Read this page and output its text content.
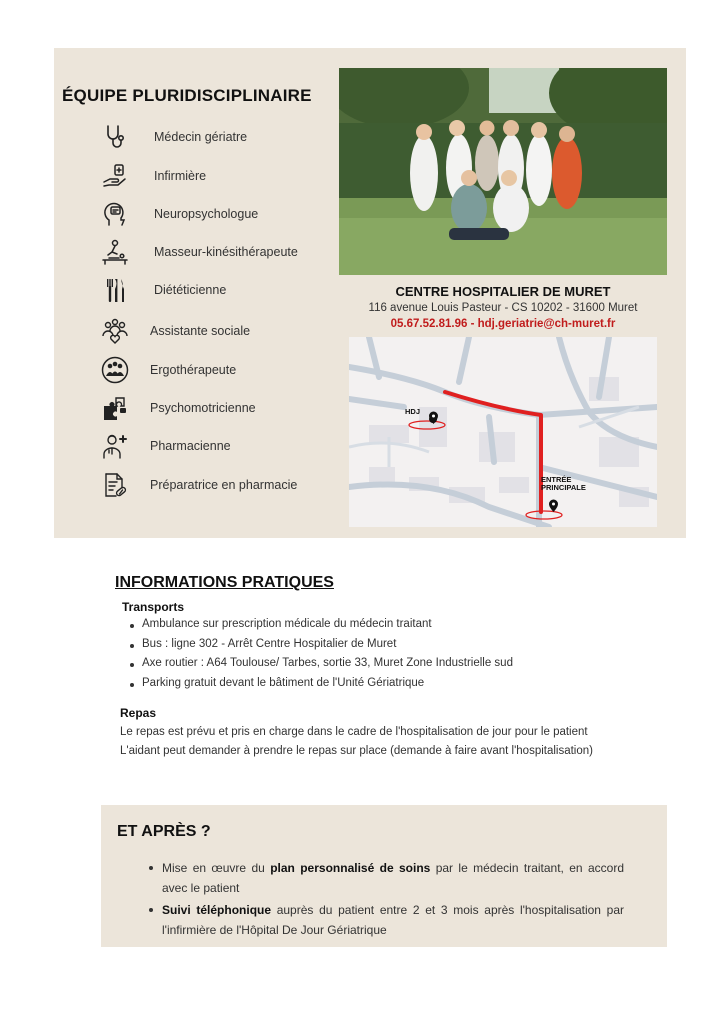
ÉQUIPE PLURIDISCIPLINAIRE
Médecin gériatre
Infirmière
Neuropsychologue
Masseur-kinésithérapeute
Diététicienne
Assistante sociale
Ergothérapeute
Psychomotricienne
Pharmacienne
Préparatrice en pharmacie
CENTRE HOSPITALIER DE MURET
116 avenue Louis Pasteur - CS 10202 - 31600 Muret
05.67.52.81.96 - hdj.geriatrie@ch-muret.fr
HDJ
ENTRÉE
PRINCIPALE
INFORMATIONS PRATIQUES
Transports
Ambulance sur prescription médicale du médecin traitant
Bus : ligne 302 - Arrêt Centre Hospitalier de Muret
Axe routier : A64 Toulouse/ Tarbes, sortie 33, Muret Zone Industrielle sud
Parking gratuit devant le bâtiment de l'Unité Gériatrique
Repas
Le repas est prévu et pris en charge dans le cadre de l'hospitalisation de jour pour le patient
L'aidant peut demander à prendre le repas sur place (demande à faire avant l'hospitalisation)
ET APRÈS ?
Mise en œuvre du plan personnalisé de soins par le médecin traitant, en accord avec le patient
Suivi téléphonique auprès du patient entre 2 et 3 mois après l'hospitalisation par l'infirmière de l'Hôpital De Jour Gériatrique
